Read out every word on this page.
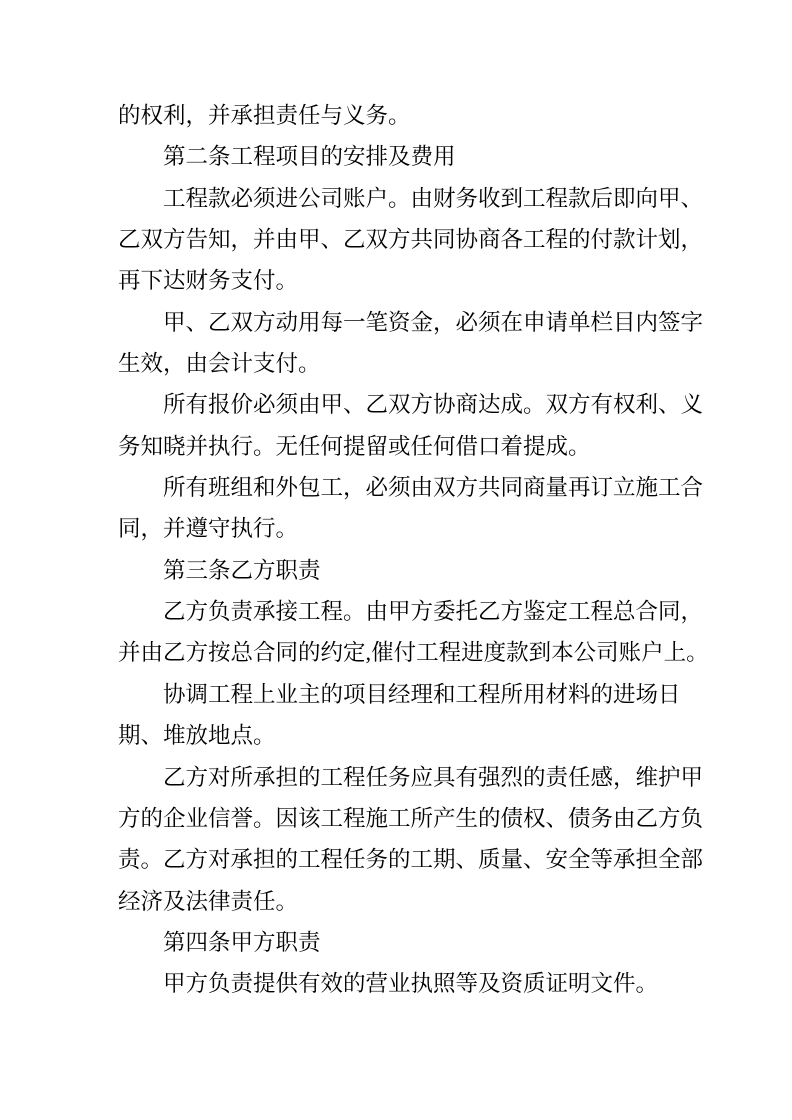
的权利，并承担责任与义务。
第二条工程项目的安排及费用
工程款必须进公司账户。由财务收到工程款后即向甲、
乙双方告知，并由甲、乙双方共同协商各工程的付款计划，
再下达财务支付。
甲、乙双方动用每一笔资金，必须在申请单栏目内签字
生效，由会计支付。
所有报价必须由甲、乙双方协商达成。双方有权利、义
务知晓并执行。无任何提留或任何借口着提成。
所有班组和外包工，必须由双方共同商量再订立施工合
同，并遵守执行。
第三条乙方职责
乙方负责承接工程。由甲方委托乙方鉴定工程总合同，
并由乙方按总合同的约定,催付工程进度款到本公司账户上。
协调工程上业主的项目经理和工程所用材料的进场日
期、堆放地点。
乙方对所承担的工程任务应具有强烈的责任感，维护甲
方的企业信誉。因该工程施工所产生的债权、债务由乙方负
责。乙方对承担的工程任务的工期、质量、安全等承担全部
经济及法律责任。
第四条甲方职责
甲方负责提供有效的营业执照等及资质证明文件。
